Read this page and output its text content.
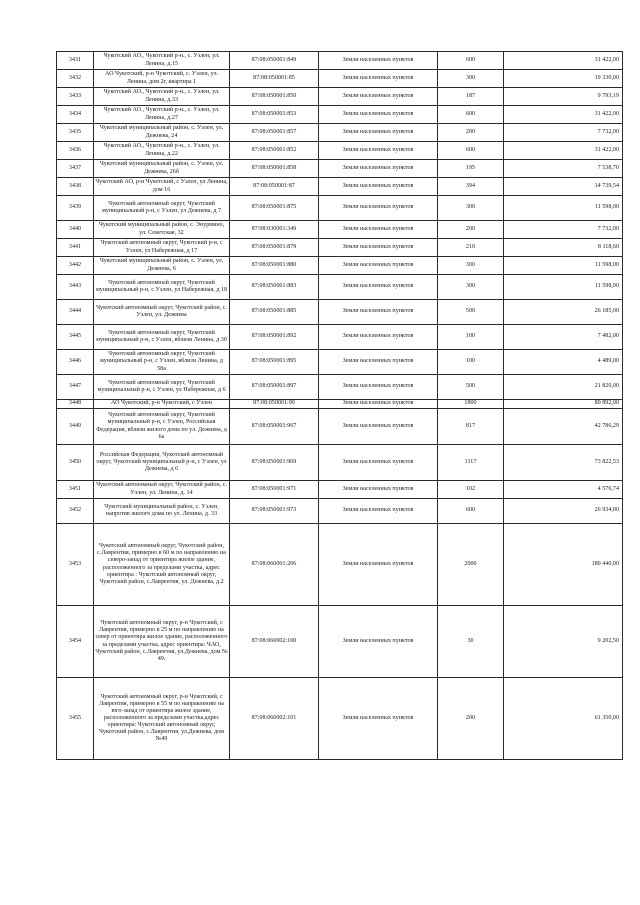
3431	Чукотский АО., Чукотский р-н., с. Уэлен, ул. Ленина, д.15	87:08:050001:849	Земли населенных пунктов	600	31 422,00
3432	АО Чукотский, р-н Чукотский, с. Уэлен, ул. Ленина, дом 2г, квартира 1	87:08:050001:85	Земли населенных пунктов	300	19 330,00
3433	Чукотский АО., Чукотский р-н., с. Уэлен, ул. Ленина, д.33	87:08:050001:850	Земли населенных пунктов	187	9 793,19
3434	Чукотский АО., Чукотский р-н., с. Уэлен, ул. Ленина, д.27	87:08:050001:853	Земли населенных пунктов	600	31 422,00
3435	Чукотский муниципальный район, с. Уэлен, ул. Дежнева, 24	87:08:050001:857	Земли населенных пунктов	200	7 732,00
3436	Чукотский АО., Чукотский р-н., с. Уэлен, ул. Ленина, д.22	87:08:050001:852	Земли населенных пунктов	600	31 422,00
3437	Чукотский муниципальный район, с. Уэлен, ул. Дежнева, 26б	87:08:050001:858	Земли населенных пунктов	195	7 538,70
3438	Чукотский АО, р-н Чукотский, с Уэлен, ул Ленина, дом 16	87:08:050001:87	Земли населенных пунктов	394	14 739,54
3439	Чукотский автономный округ, Чукотский муниципальный р-н, с Уэлен, ул Дежнева, д 7	87:08:050001:875	Земли населенных пунктов	300	11 598,00
3440	Чукотский муниципальный район, с. Энурмино, ул. Советская, 32	87:08:030001:349	Земли населенных пунктов	200	7 732,00
3441	Чукотский автономный округ, Чукотский р-н, с Уэлен, ул Набережная, д 17	87:08:050001:879	Земли населенных пунктов	210	8 118,60
3442	Чукотский муниципальный район, с. Уэлен, ул. Дежнева, 6	87:08:050001:880	Земли населенных пунктов	300	11 598,00
3443	Чукотский автономный округ, Чукотский муниципальный р-н, с Уэлен, ул Набережная, д 18	87:08:050001:883	Земли населенных пунктов	300	11 598,00
3444	Чукотский автономный округ, Чукотский район, с. Уэлен, ул. Дежнева	87:08:050001:885	Земли населенных пунктов	500	26 185,00
3445	Чукотский автономный округ, Чукотский муниципальный р-н, с Уэлен, вблизи Ленина, д 30	87:08:050001:892	Земли населенных пунктов	100	7 482,00
3446	Чукотский автономный округ, Чукотский муниципальный р-н, с Уэлен, вблизи Ленина, д 58а	87:08:050001:895	Земли населенных пунктов	100	4 489,00
3447	Чукотский автономный округ, Чукотский муниципальный р-н, с Уэлен, ул Набережная, д 6	87:08:050001:897	Земли населенных пунктов	500	21 820,00
3448	АО Чукотский, р-н Чукотский, с Уэлен	87:08:050001:90	Земли населенных пунктов	1800	80 892,00
3449	Чукотский автономный округ, Чукотский муниципальный р-н, с Уэлен, Российская Федерация, вблизи жилого дома по ул. Дежнева, д 6а	87:08:050001:967	Земли населенных пунктов	817	42 786,29
3450	Российская Федерация, Чукотский автономный округ, Чукотский муниципальный р-н, с Уэлен, ул Дежнева, д 6	87:08:050001:969	Земли населенных пунктов	1117	73 822,53
3451	Чукотский автономный округ, Чукотский район, с. Уэлен, ул. Ленина, д. 14	87:08:050001:971	Земли населенных пунктов	102	4 576,74
3452	Чукотский муниципальный район, с. Уэлен, напротив жилого дома по ул. Ленина, д. 33	87:08:050001:973	Земли населенных пунктов	600	26 934,00
3453	Чукотский автономный округ, Чукотский район, с.Лаврентия, примерно в 60 м по направлению на северо-запад от ориентира жилое здание, расположенного за пределами участка, адрес ориентира : Чукотский автономный округ, Чукотский район, с.Лаврентия, ул. Дежнева, д.2	87:08:060001:206	Земли населенных пунктов	2000	180 440,00
3454	Чукотский автономный округ, р-н Чукотский, с Лаврентия, примерно в 25 м по направлению на север от ориентира жилое здание, расположенного за пределами участка, адрес ориентира: ЧАО, Чукотский район, с.Лаврентия, ул.Дежнева, дом № 49.	87:08:060002:100	Земли населенных пунктов	30	9 202,50
3455	Чукотский автономный округ, р-н Чукотский, с Лаврентия, примерно в 55 м по направлению на юго-запад от ориентира жилое здание, расположенного за пределами участка,адрес ориентира: Чукотский автономный округ, Чукотский район, с.Лаврентия, ул.Дежнева, дом №49	87:08:060002:101	Земли населенных пунктов	200	61 350,00
